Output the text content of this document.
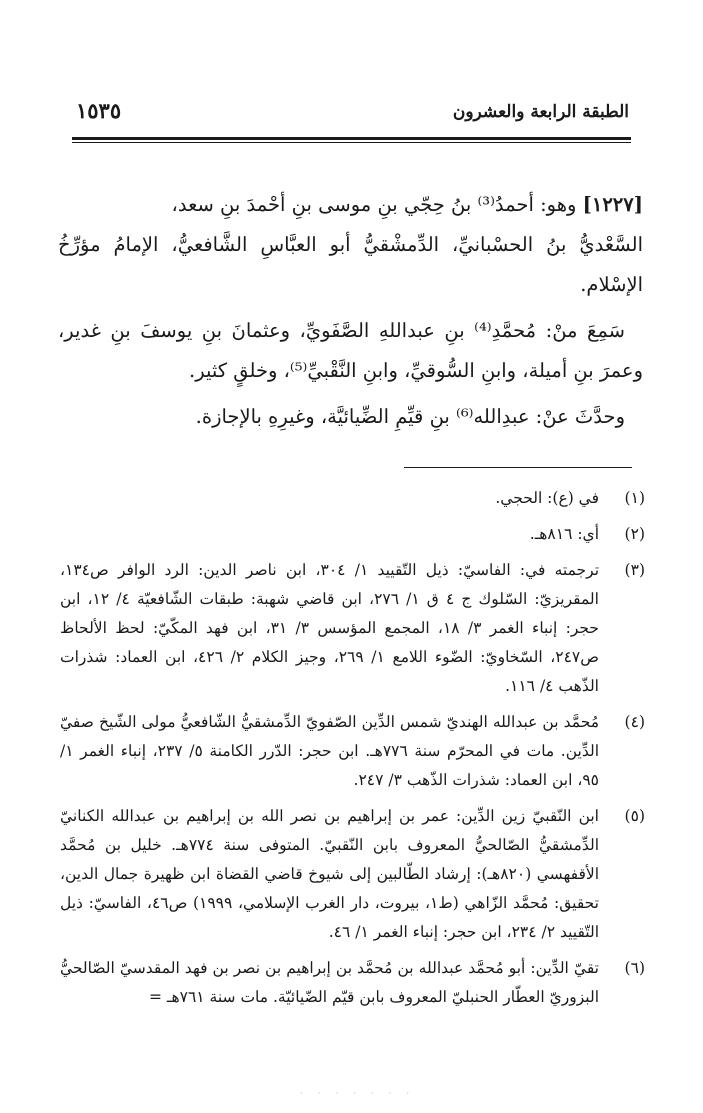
الطبقة الرابعة والعشرون
١٥٣٥

[١٢٢٧] وهو: أحمدُ⁽³⁾ بنُ حِجّي بنِ موسى بنِ أحْمدَ بنِ سعد،

السَّعْديُّ بنُ الحسْبانيِّ، الدِّمشْقيُّ أبو العبَّاسِ الشَّافعيُّ، الإمامُ مؤرِّخُ الإسْلام.

سَمِعَ منْ: مُحمَّدِ⁽⁴⁾ بنِ عبداللهِ الصَّفَويِّ، وعثمانَ بنِ يوسفَ بنِ غدير، وعمرَ بنِ أميلة، وابنِ السُّوقيِّ، وابنِ النَّقْبيِّ⁽⁵⁾، وخلقٍ كثير.

وحدَّثَ عنْ: عبدِالله⁽⁶⁾ بنِ قيِّمِ الضِّيائيَّة، وغيرِهِ بالإجازة.

(١)
في (ع): الحجي.
(٢)
أي: ٨١٦هـ.
(٣)
ترجمته في: الفاسيّ: ذيل التّقييد ١/ ٣٠٤، ابن ناصر الدين: الرد الوافر ص١٣٤، المقريزيّ: السّلوك ج ٤ ق ١/ ٢٧٦، ابن قاضي شهبة: طبقات الشّافعيّة ٤/ ١٢، ابن حجر: إنباء الغمر ٣/ ١٨، المجمع المؤسس ٣/ ٣١، ابن فهد المكّيّ: لحظ الألحاظ ص٢٤٧، السّخاويّ: الضّوء اللامع ١/ ٢٦٩، وجيز الكلام ٢/ ٤٢٦، ابن العماد: شذرات الذّهب ٤/ ١١٦.
(٤)
مُحمَّد بن عبدالله الهنديّ شمس الدِّين الصّفويّ الدِّمشقيُّ الشّافعيُّ مولى الشّيخ صفيّ الدِّين. مات في المحرّم سنة ٧٧٦هـ. ابن حجر: الدّرر الكامنة ٥/ ٢٣٧، إنباء الغمر ١/ ٩٥، ابن العماد: شذرات الذّهب ٣/ ٢٤٧.
(٥)
ابن النّقبيّ زين الدِّين: عمر بن إبراهيم بن نصر الله بن إبراهيم بن عبدالله الكنانيّ الدِّمشقيُّ الصّالحيُّ المعروف بابن النّقبيّ. المتوفى سنة ٧٧٤هـ. خليل بن مُحمَّد الأقفهسي (٨٢٠هـ): إرشاد الطّالبين إلى شيوخ قاضي القضاة ابن ظهيرة جمال الدين، تحقيق: مُحمَّد الزّاهي (ط١، بيروت، دار الغرب الإسلامي، ١٩٩٩) ص٤٦، الفاسيّ: ذيل التّقييد ٢/ ٢٣٤، ابن حجر: إنباء الغمر ١/ ٤٦.
(٦)
تقيّ الدِّين: أبو مُحمَّد عبدالله بن مُحمَّد بن إبراهيم بن نصر بن فهد المقدسيّ الصّالحيُّ البزوريّ العطّار الحنبليّ المعروف بابن قيّم الضّيائيّة. مات سنة ٧٦١هـ =
· · · · · · ·
